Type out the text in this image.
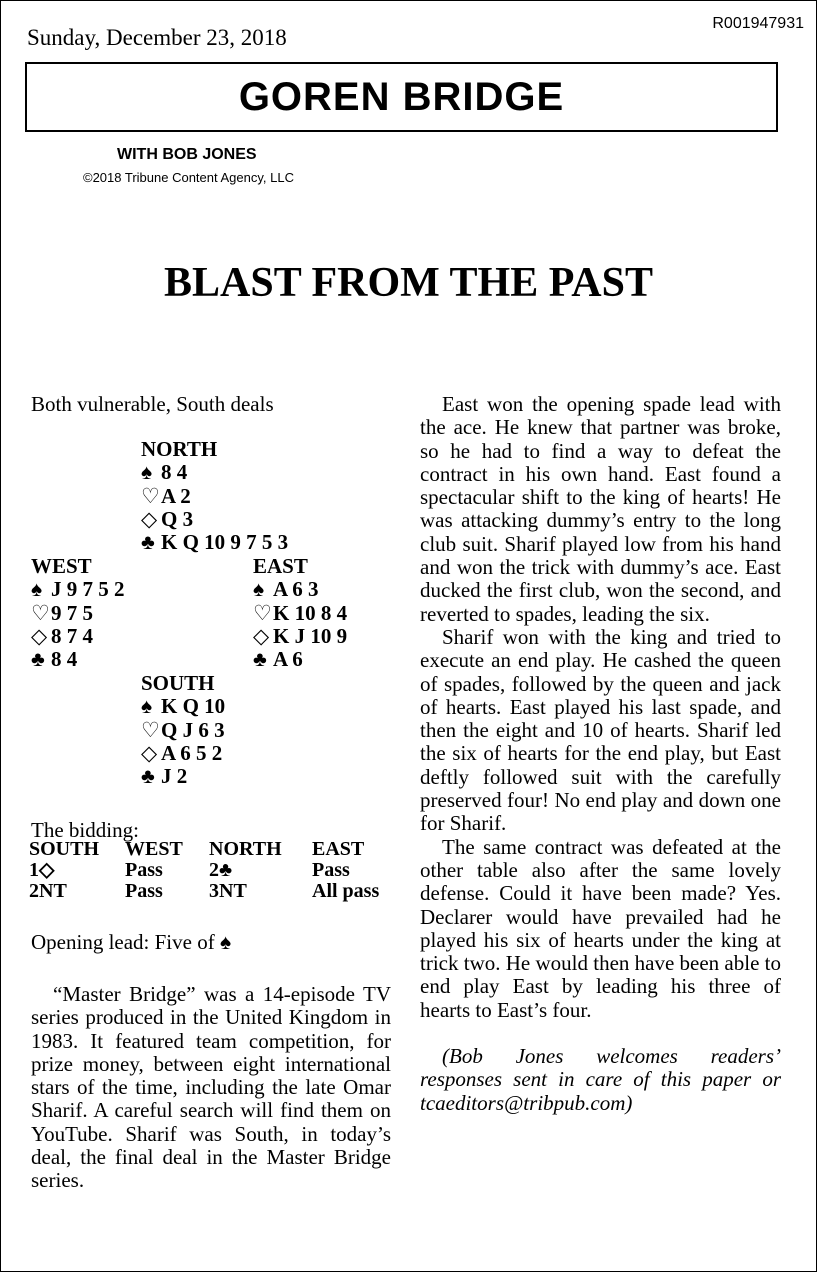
Sunday, December 23, 2018
R001947931
GOREN BRIDGE
WITH BOB JONES
©2018 Tribune Content Agency, LLC
BLAST FROM THE PAST
Both vulnerable, South deals
NORTH
♠ 8 4
♡A 2
◇ Q 3
♣ K Q 10 9 7 5 3
WEST
♠ J 9 7 5 2
♡9 7 5
◇ 8 7 4
♣ 8 4
EAST
♠ A 6 3
♡K 10 8 4
◇ K J 10 9
♣ A 6
SOUTH
♠ K Q 10
♡Q J 6 3
◇ A 6 5 2
♣ J 2
The bidding:
SOUTH	WEST	NORTH	EAST
1◇	Pass	2♣	Pass
2NT	Pass	3NT	All pass
Opening lead: Five of ♠
“Master Bridge” was a 14-episode TV series produced in the United Kingdom in 1983. It featured team competition, for prize money, between eight international stars of the time, including the late Omar Sharif. A careful search will find them on YouTube. Sharif was South, in today’s deal, the final deal in the Master Bridge series.
East won the opening spade lead with the ace. He knew that partner was broke, so he had to find a way to defeat the contract in his own hand. East found a spectacular shift to the king of hearts! He was attacking dummy’s entry to the long club suit. Sharif played low from his hand and won the trick with dummy’s ace. East ducked the first club, won the second, and reverted to spades, leading the six.
Sharif won with the king and tried to execute an end play. He cashed the queen of spades, followed by the queen and jack of hearts. East played his last spade, and then the eight and 10 of hearts. Sharif led the six of hearts for the end play, but East deftly followed suit with the carefully preserved four! No end play and down one for Sharif.
The same contract was defeated at the other table also after the same lovely defense. Could it have been made? Yes. Declarer would have prevailed had he played his six of hearts under the king at trick two. He would then have been able to end play East by leading his three of hearts to East’s four.
(Bob Jones welcomes readers’ responses sent in care of this paper or tcaeditors@tribpub.com)
